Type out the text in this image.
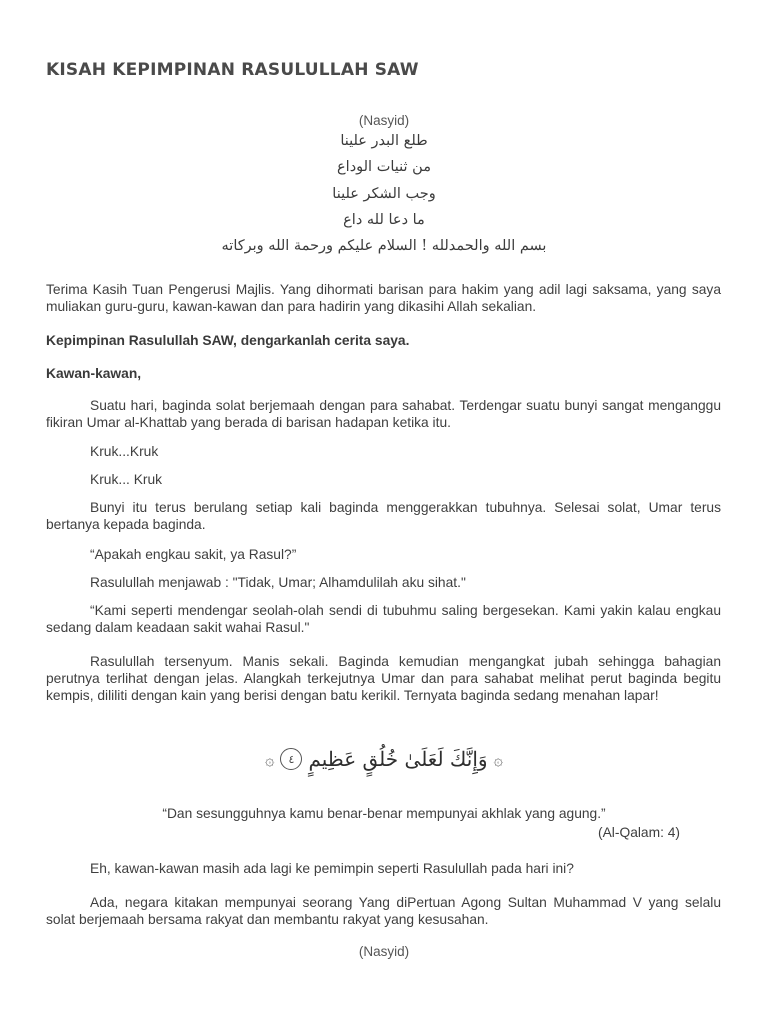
KISAH KEPIMPINAN RASULULLAH SAW
(Nasyid)
طلع البدر علينا
من ثنيات الوداع
وجب الشكر علينا
ما دعا لله داع
بسم الله والحمدلله ! السلام عليكم ورحمة الله وبركاته

Terima Kasih Tuan Pengerusi Majlis. Yang dihormati barisan para hakim yang adil lagi saksama, yang saya muliakan guru-guru, kawan-kawan dan para hadirin yang dikasihi Allah sekalian.

Kepimpinan Rasulullah SAW, dengarkanlah cerita saya.

Kawan-kawan,

Suatu hari, baginda solat berjemaah dengan para sahabat. Terdengar suatu bunyi sangat menganggu fikiran Umar al-Khattab yang berada di barisan hadapan ketika itu.

Kruk...Kruk

Kruk... Kruk

Bunyi itu terus berulang setiap kali baginda menggerakkan tubuhnya. Selesai solat, Umar terus bertanya kepada baginda.

“Apakah engkau sakit, ya Rasul?”

Rasulullah menjawab : "Tidak, Umar; Alhamdulilah aku sihat."

“Kami seperti mendengar seolah-olah sendi di tubuhmu saling bergesekan. Kami yakin kalau engkau sedang dalam keadaan sakit wahai Rasul."

Rasulullah tersenyum. Manis sekali. Baginda kemudian mengangkat jubah sehingga bahagian perutnya terlihat dengan jelas. Alangkah terkejutnya Umar dan para sahabat melihat perut baginda begitu kempis, dililiti dengan kain yang berisi dengan batu kerikil. Ternyata baginda sedang menahan lapar!

۞
وَإِنَّكَ لَعَلَىٰ خُلُقٍ عَظِيمٍ
٤
۞
“Dan sesungguhnya kamu benar-benar mempunyai akhlak yang agung.”
(Al-Qalam: 4)

Eh, kawan-kawan masih ada lagi ke pemimpin seperti Rasulullah pada hari ini?

Ada, negara kitakan mempunyai seorang Yang diPertuan Agong Sultan Muhammad V yang selalu solat berjemaah bersama rakyat dan membantu rakyat yang kesusahan.

(Nasyid)
